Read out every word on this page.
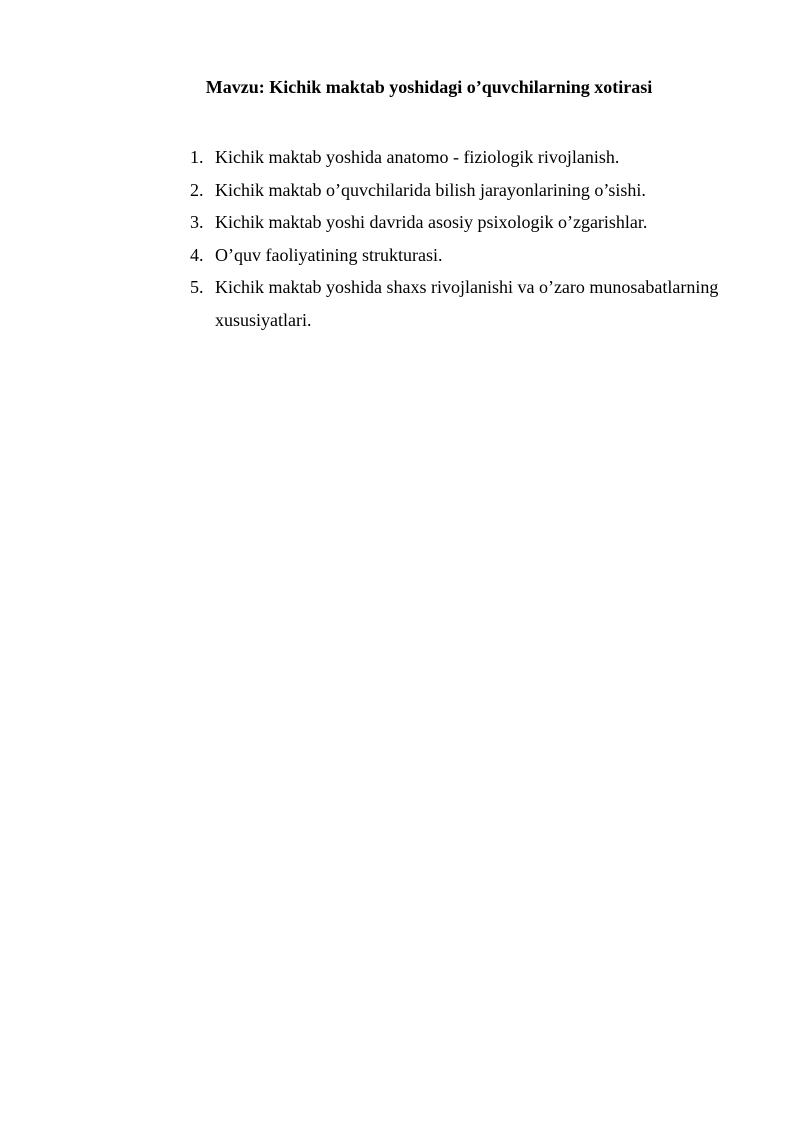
Mavzu: Kichik maktab yoshidagi o’quvchilarning xotirasi
1. Kichik maktab yoshida anatomo - fiziologik rivojlanish.
2. Kichik maktab o’quvchilarida bilish jarayonlarining o’sishi.
3. Kichik maktab yoshi davrida asosiy psixologik o’zgarishlar.
4. O’quv faoliyatining strukturasi.
5. Kichik maktab yoshida shaxs rivojlanishi va o’zaro munosabatlarning xususiyatlari.
